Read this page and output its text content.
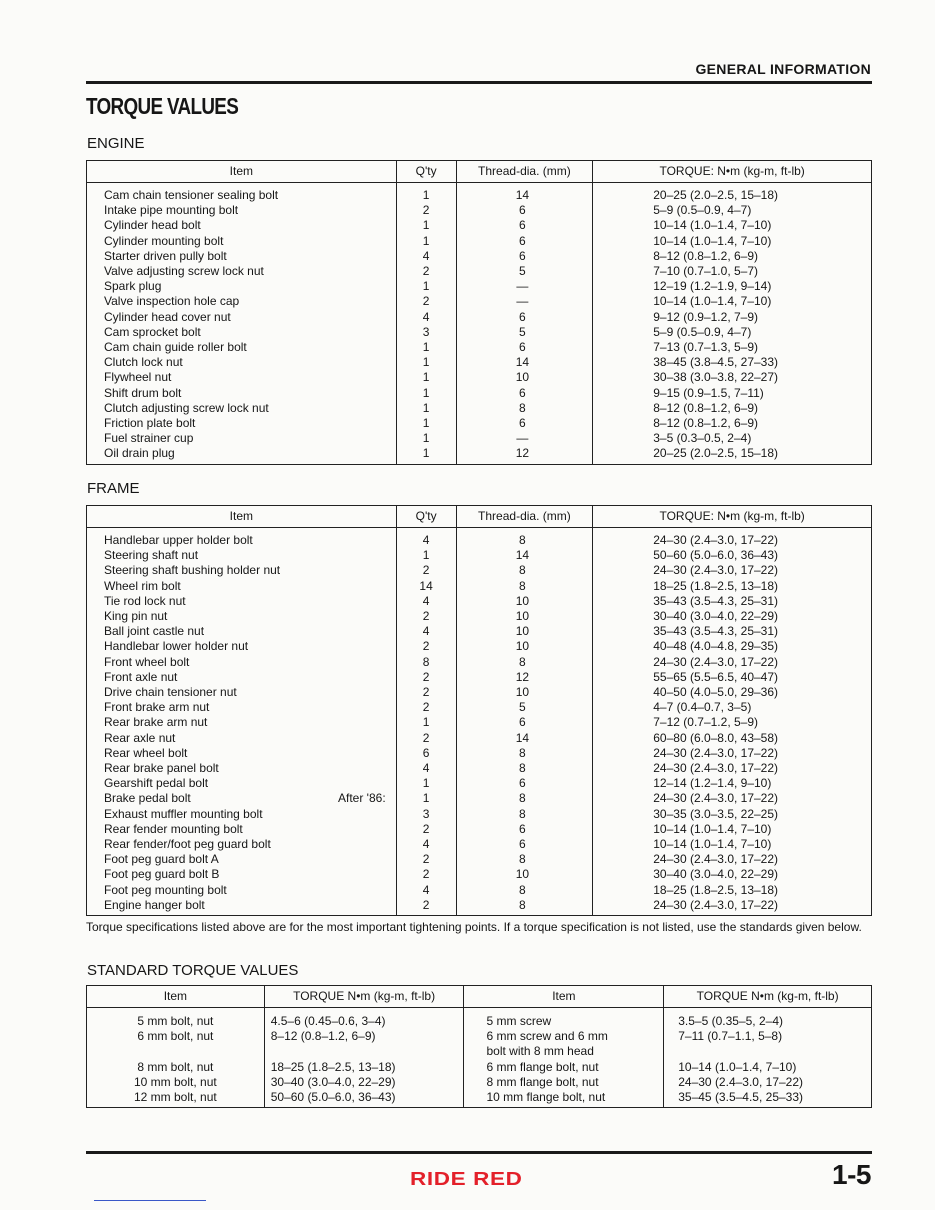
GENERAL INFORMATION
TORQUE VALUES
ENGINE
Item	Q'ty	Thread-dia. (mm)	TORQUE: N•m (kg-m, ft-lb)
Cam chain tensioner sealing bolt	1	14	20–25 (2.0–2.5, 15–18)
Intake pipe mounting bolt	2	6	5–9 (0.5–0.9, 4–7)
Cylinder head bolt	1	6	10–14 (1.0–1.4, 7–10)
Cylinder mounting bolt	1	6	10–14 (1.0–1.4, 7–10)
Starter driven pully bolt	4	6	8–12 (0.8–1.2, 6–9)
Valve adjusting screw lock nut	2	5	7–10 (0.7–1.0, 5–7)
Spark plug	1	—	12–19 (1.2–1.9, 9–14)
Valve inspection hole cap	2	—	10–14 (1.0–1.4, 7–10)
Cylinder head cover nut	4	6	9–12 (0.9–1.2, 7–9)
Cam sprocket bolt	3	5	5–9 (0.5–0.9, 4–7)
Cam chain guide roller bolt	1	6	7–13 (0.7–1.3, 5–9)
Clutch lock nut	1	14	38–45 (3.8–4.5, 27–33)
Flywheel nut	1	10	30–38 (3.0–3.8, 22–27)
Shift drum bolt	1	6	9–15 (0.9–1.5, 7–11)
Clutch adjusting screw lock nut	1	8	8–12 (0.8–1.2, 6–9)
Friction plate bolt	1	6	8–12 (0.8–1.2, 6–9)
Fuel strainer cup	1	—	3–5 (0.3–0.5, 2–4)
Oil drain plug	1	12	20–25 (2.0–2.5, 15–18)
FRAME
Item	Q'ty	Thread-dia. (mm)	TORQUE: N•m (kg-m, ft-lb)
Handlebar upper holder bolt	4	8	24–30 (2.4–3.0, 17–22)
Steering shaft nut	1	14	50–60 (5.0–6.0, 36–43)
Steering shaft bushing holder nut	2	8	24–30 (2.4–3.0, 17–22)
Wheel rim bolt	14	8	18–25 (1.8–2.5, 13–18)
Tie rod lock nut	4	10	35–43 (3.5–4.3, 25–31)
King pin nut	2	10	30–40 (3.0–4.0, 22–29)
Ball joint castle nut	4	10	35–43 (3.5–4.3, 25–31)
Handlebar lower holder nut	2	10	40–48 (4.0–4.8, 29–35)
Front wheel bolt	8	8	24–30 (2.4–3.0, 17–22)
Front axle nut	2	12	55–65 (5.5–6.5, 40–47)
Drive chain tensioner nut	2	10	40–50 (4.0–5.0, 29–36)
Front brake arm nut	2	5	4–7 (0.4–0.7, 3–5)
Rear brake arm nut	1	6	7–12 (0.7–1.2, 5–9)
Rear axle nut	2	14	60–80 (6.0–8.0, 43–58)
Rear wheel bolt	6	8	24–30 (2.4–3.0, 17–22)
Rear brake panel bolt	4	8	24–30 (2.4–3.0, 17–22)
Gearshift pedal bolt	1	6	12–14 (1.2–1.4, 9–10)

Brake pedal bolt After '86:	1	8	24–30 (2.4–3.0, 17–22)
Exhaust muffler mounting bolt	3	8	30–35 (3.0–3.5, 22–25)
Rear fender mounting bolt	2	6	10–14 (1.0–1.4, 7–10)
Rear fender/foot peg guard bolt	4	6	10–14 (1.0–1.4, 7–10)
Foot peg guard bolt A	2	8	24–30 (2.4–3.0, 17–22)
Foot peg guard bolt B	2	10	30–40 (3.0–4.0, 22–29)
Foot peg mounting bolt	4	8	18–25 (1.8–2.5, 13–18)
Engine hanger bolt	2	8	24–30 (2.4–3.0, 17–22)

Torque specifications listed above are for the most important tightening points. If a torque specification is not listed, use the standards given below.

STANDARD TORQUE VALUES
Item	TORQUE N•m (kg-m, ft-lb)	Item	TORQUE N•m (kg-m, ft-lb)
5 mm bolt, nut	4.5–6 (0.45–0.6, 3–4)	5 mm screw	3.5–5 (0.35–5, 2–4)
6 mm bolt, nut	8–12 (0.8–1.2, 6–9)	6 mm screw and 6 mm	7–11 (0.7–1.1, 5–8)
		bolt with 8 mm head	
8 mm bolt, nut	18–25 (1.8–2.5, 13–18)	6 mm flange bolt, nut	10–14 (1.0–1.4, 7–10)
10 mm bolt, nut	30–40 (3.0–4.0, 22–29)	8 mm flange bolt, nut	24–30 (2.4–3.0, 17–22)
12 mm bolt, nut	50–60 (5.0–6.0, 36–43)	10 mm flange bolt, nut	35–45 (3.5–4.5, 25–33)
RIDE RED	1-5
